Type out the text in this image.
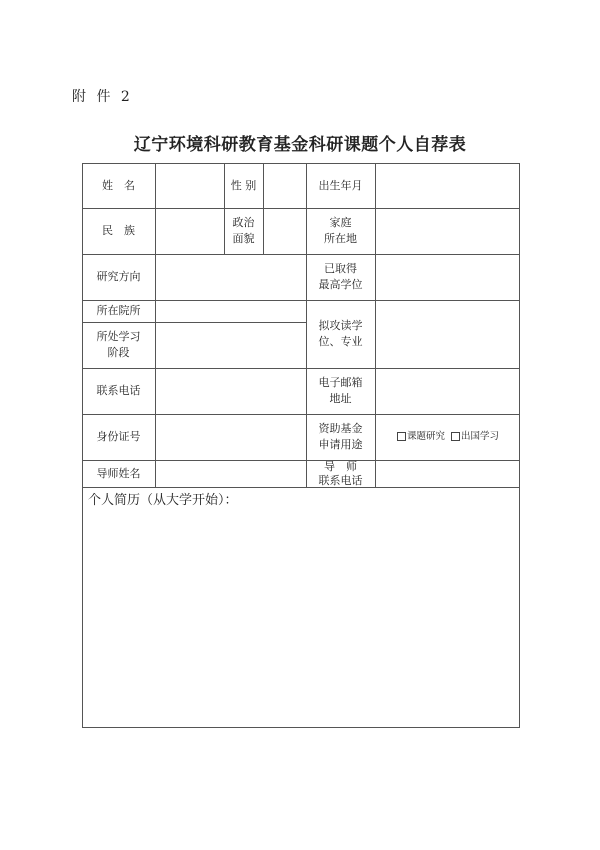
附 件 2
辽宁环境科研教育基金科研课题个人自荐表
姓　名	性 别	出生年月
民　族
政治
面貌
家庭
所在地
研究方向
已取得
最高学位
所在院所
所处学习
阶段
拟攻读学
位、专业
联系电话
电子邮箱
地址
身份证号
资助基金
申请用途
课题研究 出国学习
导师姓名
导　师
联系电话
个人简历（从大学开始）：
